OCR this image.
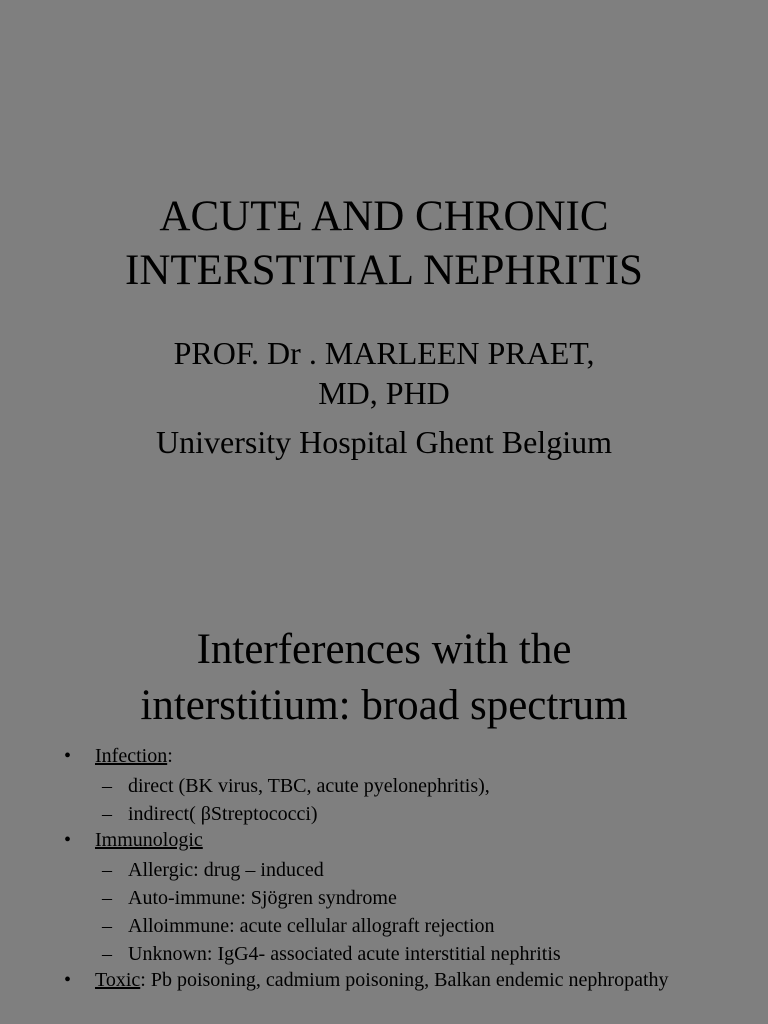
ACUTE AND CHRONIC
INTERSTITIAL NEPHRITIS
PROF. Dr . MARLEEN PRAET,
MD, PHD
University Hospital Ghent Belgium
Interferences with the
interstitium: broad spectrum
• Infection:
– direct (BK virus, TBC, acute pyelonephritis),
– indirect( βStreptococci)
• Immunologic
– Allergic: drug – induced
– Auto-immune: Sjögren syndrome
– Alloimmune: acute cellular allograft rejection
– Unknown: IgG4- associated acute interstitial nephritis
• Toxic: Pb poisoning, cadmium poisoning, Balkan endemic nephropathy
